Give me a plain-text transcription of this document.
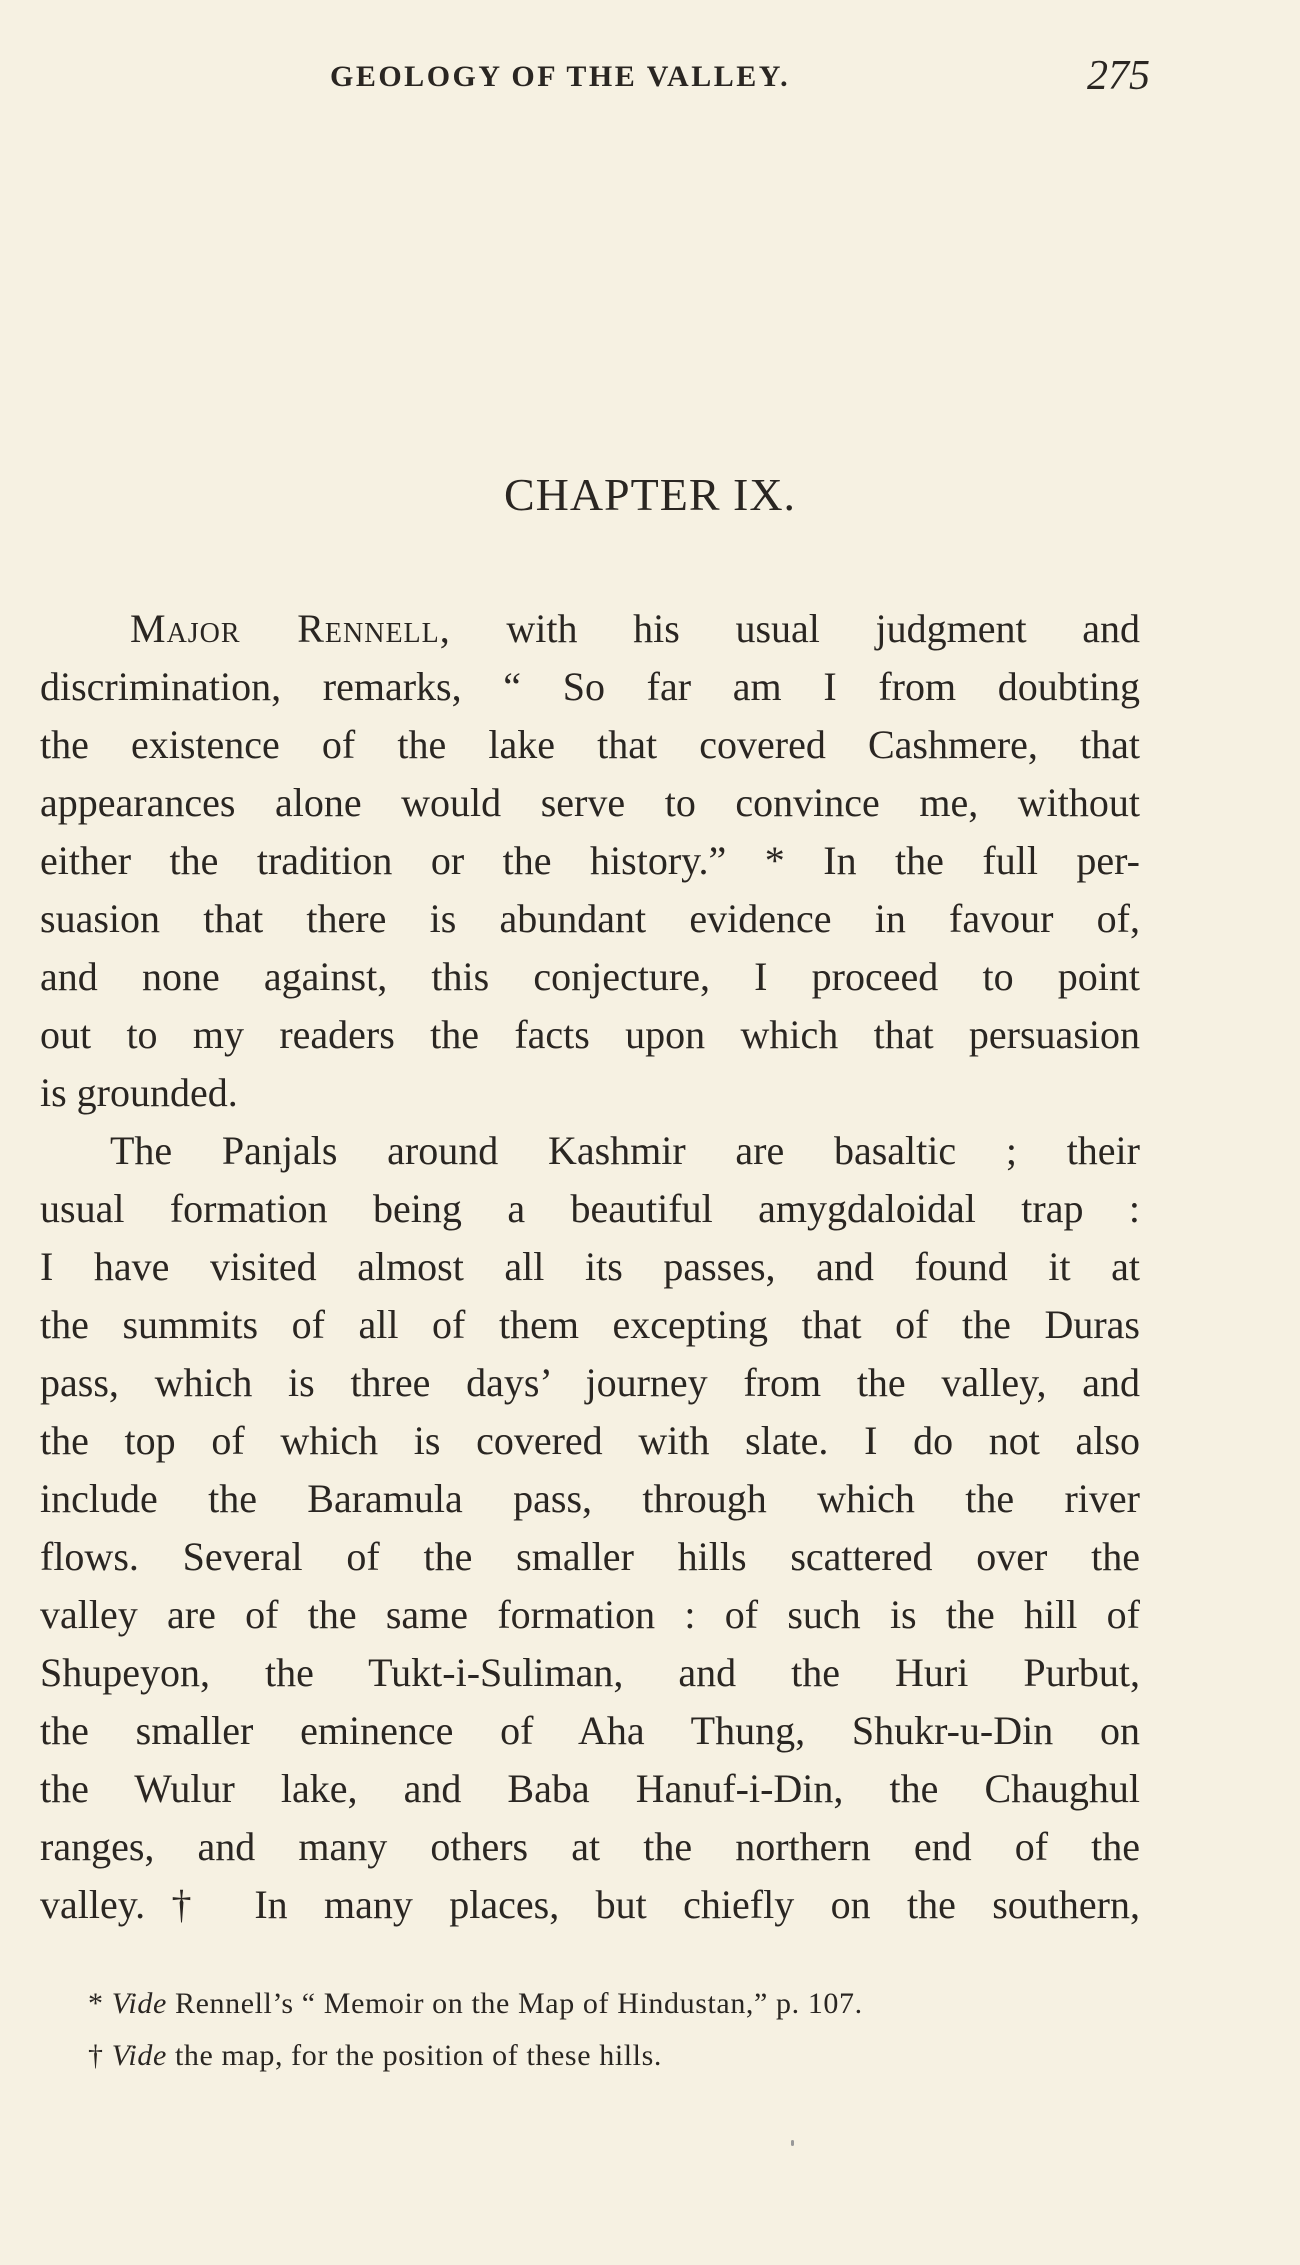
GEOLOGY OF THE VALLEY.	275
CHAPTER IX.

Major Rennell, with his usual judgment and
discrimination, remarks, “ So far am I from doubting
the existence of the lake that covered Cashmere, that
appearances alone would serve to convince me, without
either the tradition or the history.” * In the full per-
suasion that there is abundant evidence in favour of,
and none against, this conjecture, I proceed to point
out to my readers the facts upon which that persuasion
is grounded.

The Panjals around Kashmir are basaltic ; their
usual formation being a beautiful amygdaloidal trap :
I have visited almost all its passes, and found it at
the summits of all of them excepting that of the Duras
pass, which is three days’ journey from the valley, and
the top of which is covered with slate. I do not also
include the Baramula pass, through which the river
flows. Several of the smaller hills scattered over the
valley are of the same formation : of such is the hill of
Shupeyon, the Tukt-i-Suliman, and the Huri Purbut,
the smaller eminence of Aha Thung, Shukr-u-Din on
the Wulur lake, and Baba Hanuf-i-Din, the Chaughul
ranges, and many others at the northern end of the
valley.† In many places, but chiefly on the southern,

* Vide Rennell’s “ Memoir on the Map of Hindustan,” p. 107.
† Vide the map, for the position of these hills.
